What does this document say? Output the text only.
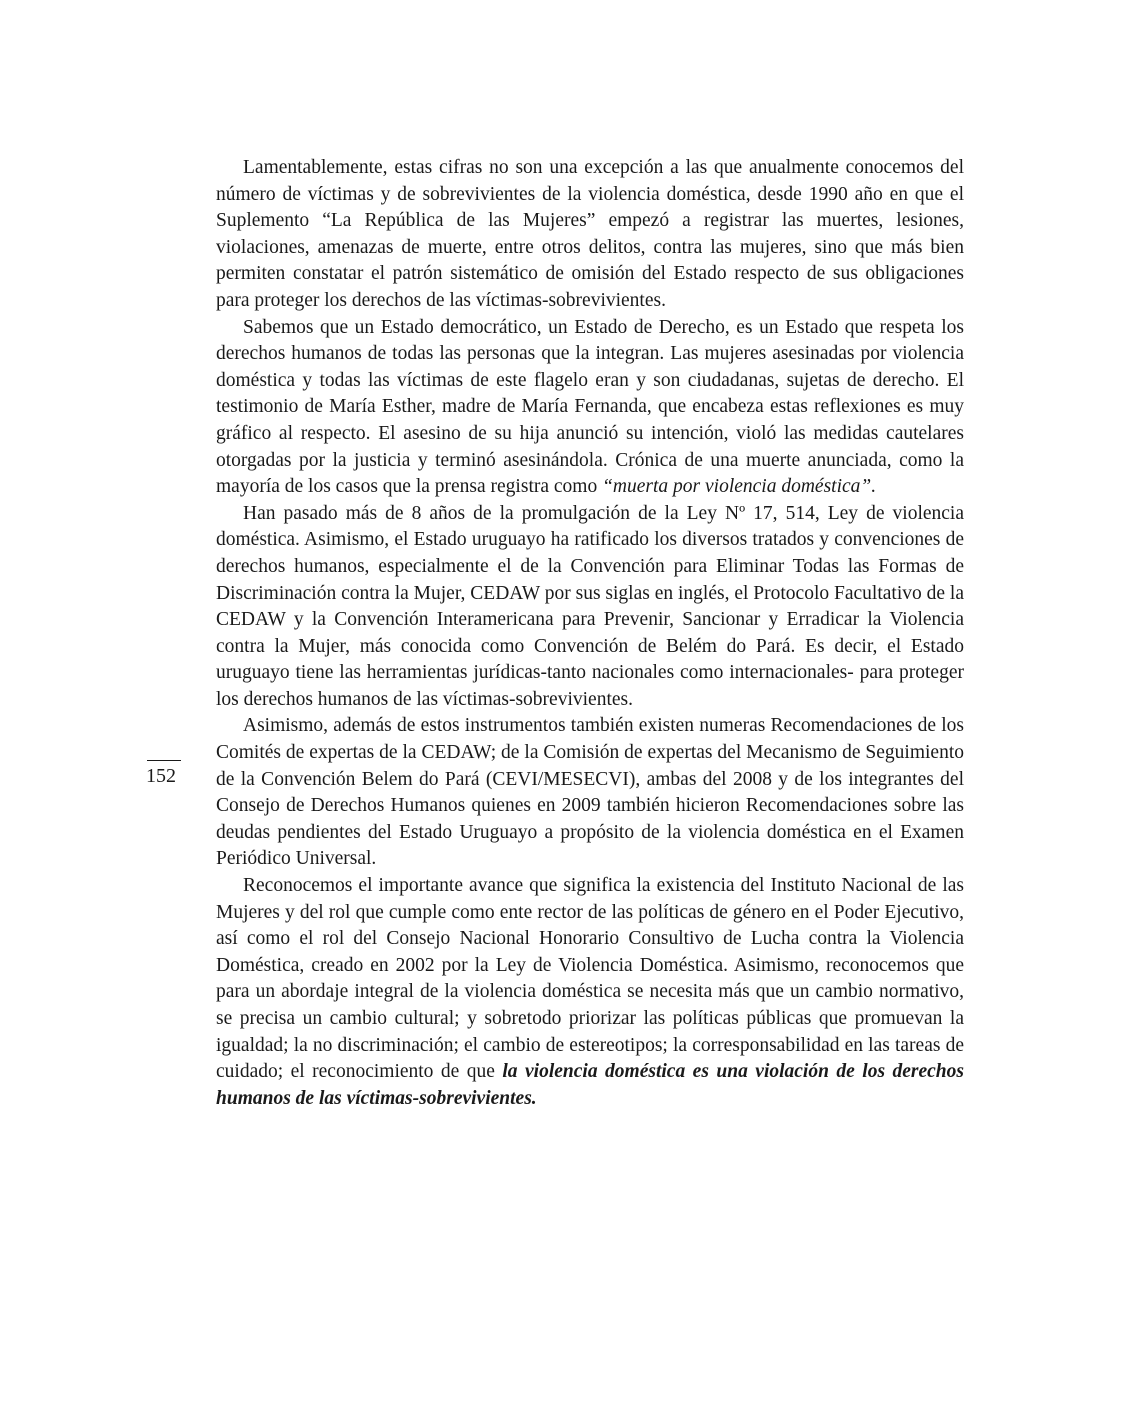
Lamentablemente, estas cifras no son una excepción a las que anualmente conocemos del número de víctimas y de sobrevivientes de la violencia doméstica, desde 1990 año en que el Suplemento “La República de las Mujeres” empezó a registrar las muertes, lesiones, violaciones, amenazas de muerte, entre otros delitos, contra las mujeres, sino que más bien permiten constatar el patrón sistemático de omisión del Estado respecto de sus obligaciones para proteger los derechos de las víctimas-sobrevivientes.

Sabemos que un Estado democrático, un Estado de Derecho, es un Estado que respeta los derechos humanos de todas las personas que la integran. Las mujeres asesinadas por violencia doméstica y todas las víctimas de este flagelo eran y son ciudadanas, sujetas de derecho. El testimonio de María Esther, madre de María Fernanda, que encabeza estas reflexiones es muy gráfico al respecto. El asesino de su hija anunció su intención, violó las medidas cautelares otorgadas por la justicia y terminó asesinándola. Crónica de una muerte anunciada, como la mayoría de los casos que la prensa registra como “muerta por violencia doméstica”.

Han pasado más de 8 años de la promulgación de la Ley Nº 17, 514, Ley de violencia doméstica. Asimismo, el Estado uruguayo ha ratificado los diversos tratados y convenciones de derechos humanos, especialmente el de la Convención para Eliminar Todas las Formas de Discriminación contra la Mujer, CEDAW por sus siglas en inglés, el Protocolo Facultativo de la CEDAW y la Convención Interamericana para Prevenir, Sancionar y Erradicar la Violencia contra la Mujer, más conocida como Convención de Belém do Pará. Es decir, el Estado uruguayo tiene las herramientas jurídicas-tanto nacionales como internacionales- para proteger los derechos humanos de las víctimas-sobrevivientes.

Asimismo, además de estos instrumentos también existen numeras Recomendaciones de los Comités de expertas de la CEDAW; de la Comisión de expertas del Mecanismo de Seguimiento de la Convención Belem do Pará (CEVI/MESECVI), ambas del 2008 y de los integrantes del Consejo de Derechos Humanos quienes en 2009 también hicieron Recomendaciones sobre las deudas pendientes del Estado Uruguayo a propósito de la violencia doméstica en el Examen Periódico Universal.

Reconocemos el importante avance que significa la existencia del Instituto Nacional de las Mujeres y del rol que cumple como ente rector de las políticas de género en el Poder Ejecutivo, así como el rol del Consejo Nacional Honorario Consultivo de Lucha contra la Violencia Doméstica, creado en 2002 por la Ley de Violencia Doméstica. Asimismo, reconocemos que para un abordaje integral de la violencia doméstica se necesita más que un cambio normativo, se precisa un cambio cultural; y sobretodo priorizar las políticas públicas que promuevan la igualdad; la no discriminación; el cambio de estereotipos; la corresponsabilidad en las tareas de cuidado; el reconocimiento de que la violencia doméstica es una violación de los derechos humanos de las víctimas-sobrevivientes.

152
